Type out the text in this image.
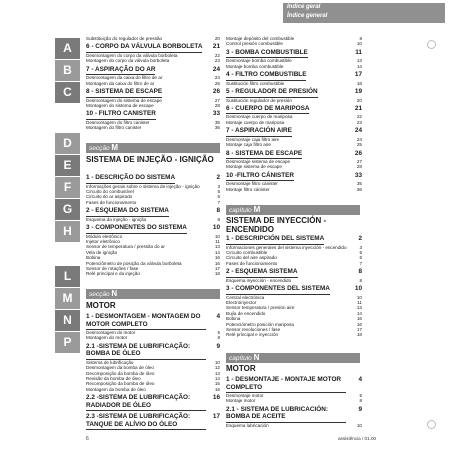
Índice geral
Índice general
A
B
C
D
E
F
G
H
L
M
N
P
Substituição do regulador de pressão	20
6 - CORPO DA VÁLVULA BORBOLETA 21
Desmontagem do corpo da válvula borboleta	22
Montagem do corpo da válvula borboleta	23
7 - ASPIRAÇÃO DO AR	24
Desmontagem da caixa do filtro de ar	24
Montagem da caixa do filtro de ar	25
8 - SISTEMA DE ESCAPE	26
Desmontagem do sistema de escape	27
Montagem do sistema de escape	28
10 - FILTRO CANISTER	33
Desmontagem do filtro canister	35
Montagem do filtro canister	36
Montaje depósito del combustible	8
Control presión combustible	10
3 - BOMBA COMBUSTIBLE	11
Desmontaje bomba combustible	13
Montaje bomba combustible	14
4 - FILTRO COMBUSTIBLE	17
Sustitución filtro combustible	18
5 - REGULADOR DE PRESIÓN	19
Sustitución regulador de presión	20
6 - CUERPO DE MARIPOSA	21
Desmontaje cuerpo de mariposa	22
Montaje cuerpo de mariposa	23
7 - ASPIRACIÓN AIRE	24
Desmontaje caja filtro aire	24
Montaje caja filtro aire	25
8 - SISTEMA DE ESCAPE	26
Desmontaje sistema de escape	27
Montaje sistema de escape	28
10 -FILTRO CÁNISTER	33
Desmontaje filtro cánister	35
Montaje filtro cánister	36
secção M
SISTEMA DE INJEÇÃO - IGNIÇÃO
1 - DESCRIÇÃO DO SISTEMA	2
Informações gerais sobre o sistema de injeção - ignição	3
Circuito do combustível	5
Circuito do ar aspirado	6
Fases de funcionamento	7
2 - ESQUEMA DO SISTEMA	8
Esquema da injeção - ignição	8
3 - COMPONENTES DO SISTEMA	10
Módulo eletrônico	10
Injetor eletrônico	11
Sensor de temperatura / pressão do ar	13
Vela de ignição	14
Bobina	16
Potenciômetro de posição da válvula borboleta	16
Sensor de rotações / fase	17
Relé principal e da injeção	18
capítulo M
SISTEMA DE INYECCIÓN - ENCENDIDO
1 - DESCRIPCIÓN DEL SISTEMA	2
Informaciones generales del sistema inyección - encendido	3
Circuito combustible	5
Circuito del aire aspirado	6
Fases de funcionamiento	7
2 - ESQUEMA SISTEMA	8
Esquema inyección - encendido	8
3 - COMPONENTES DEL SISTEMA	10
Central electrónica	10
Electroinyector	11
Sensor temperatura / presión aire	13
Bujía de encendido	14
Bobina	16
Potenciómetro posición mariposa	16
Sensor revoluciones / fase	17
Relé principal e inyección	18
secção N
MOTOR
1 - DESMONTAGEM - MONTAGEM DO MOTOR COMPLETO
4
Desmontagem do motor	5
Montagem do motor	8
2.1 -SISTEMA DE LUBRIFICAÇÃO: BOMBA DE ÓLEO
9
Sistema de lubrificação	10
Desmontagem da bomba de óleo	12
Decomposição da bomba de óleo	13
Revisão da bomba de óleo	14
Recomposição da bomba de óleo	15
Montagem da bomba de óleo	16
2.2 -SISTEMA DE LUBRIFICAÇÃO: RADIADOR DE ÓLEO
16
2.3 -SISTEMA DE LUBRIFICAÇÃO: TANQUE DE ALÍVIO DO ÓLEO
17
capítulo N
MOTOR
1 - DESMONTAJE - MONTAJE MOTOR COMPLETO
4
Desmontaje motor	5
Montaje motor	8
2.1 - SISTEMA DE LUBRICACIÓN: BOMBA DE ACEITE
9
Esquema lubricación	10
6	assistência / 01.00
